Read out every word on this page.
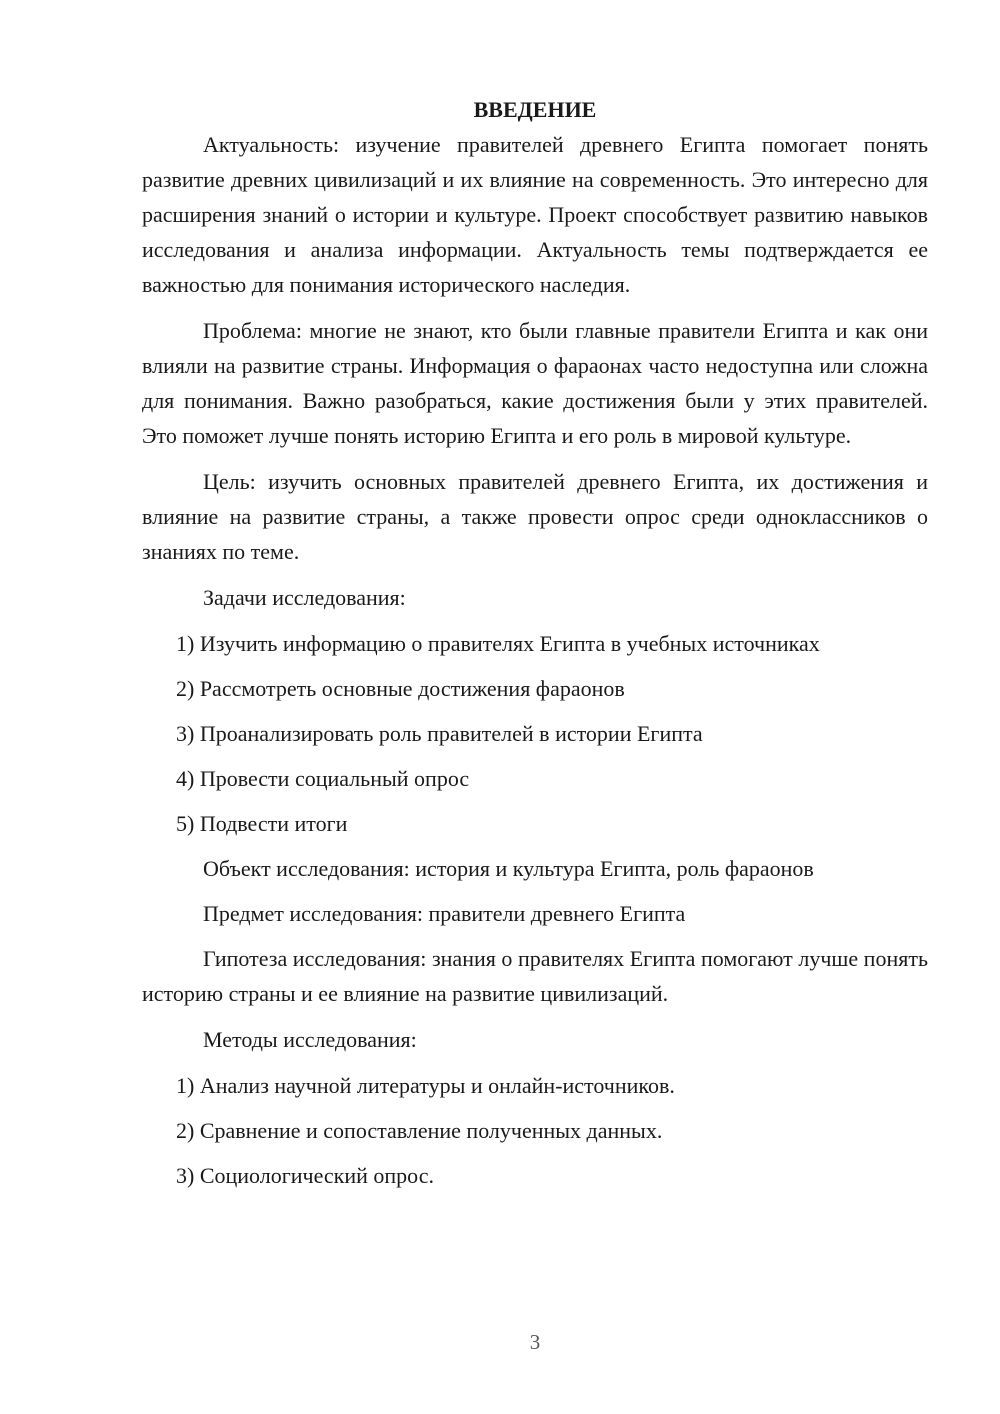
ВВЕДЕНИЕ

Актуальность: изучение правителей древнего Египта помогает понять развитие древних цивилизаций и их влияние на современность. Это интересно для расширения знаний о истории и культуре. Проект способствует развитию навыков исследования и анализа информации. Актуальность темы подтверждается ее важностью для понимания исторического наследия.

Проблема: многие не знают, кто были главные правители Египта и как они влияли на развитие страны. Информация о фараонах часто недоступна или сложна для понимания. Важно разобраться, какие достижения были у этих правителей. Это поможет лучше понять историю Египта и его роль в мировой культуре.

Цель: изучить основных правителей древнего Египта, их достижения и влияние на развитие страны, а также провести опрос среди одноклассников о знаниях по теме.

Задачи исследования:

1) Изучить информацию о правителях Египта в учебных источниках

2) Рассмотреть основные достижения фараонов

3) Проанализировать роль правителей в истории Египта

4) Провести социальный опрос

5) Подвести итоги

Объект исследования: история и культура Египта, роль фараонов

Предмет исследования: правители древнего Египта

Гипотеза исследования: знания о правителях Египта помогают лучше понять историю страны и ее влияние на развитие цивилизаций.

Методы исследования:

1) Анализ научной литературы и онлайн-источников.

2) Сравнение и сопоставление полученных данных.

3) Социологический опрос.

3
